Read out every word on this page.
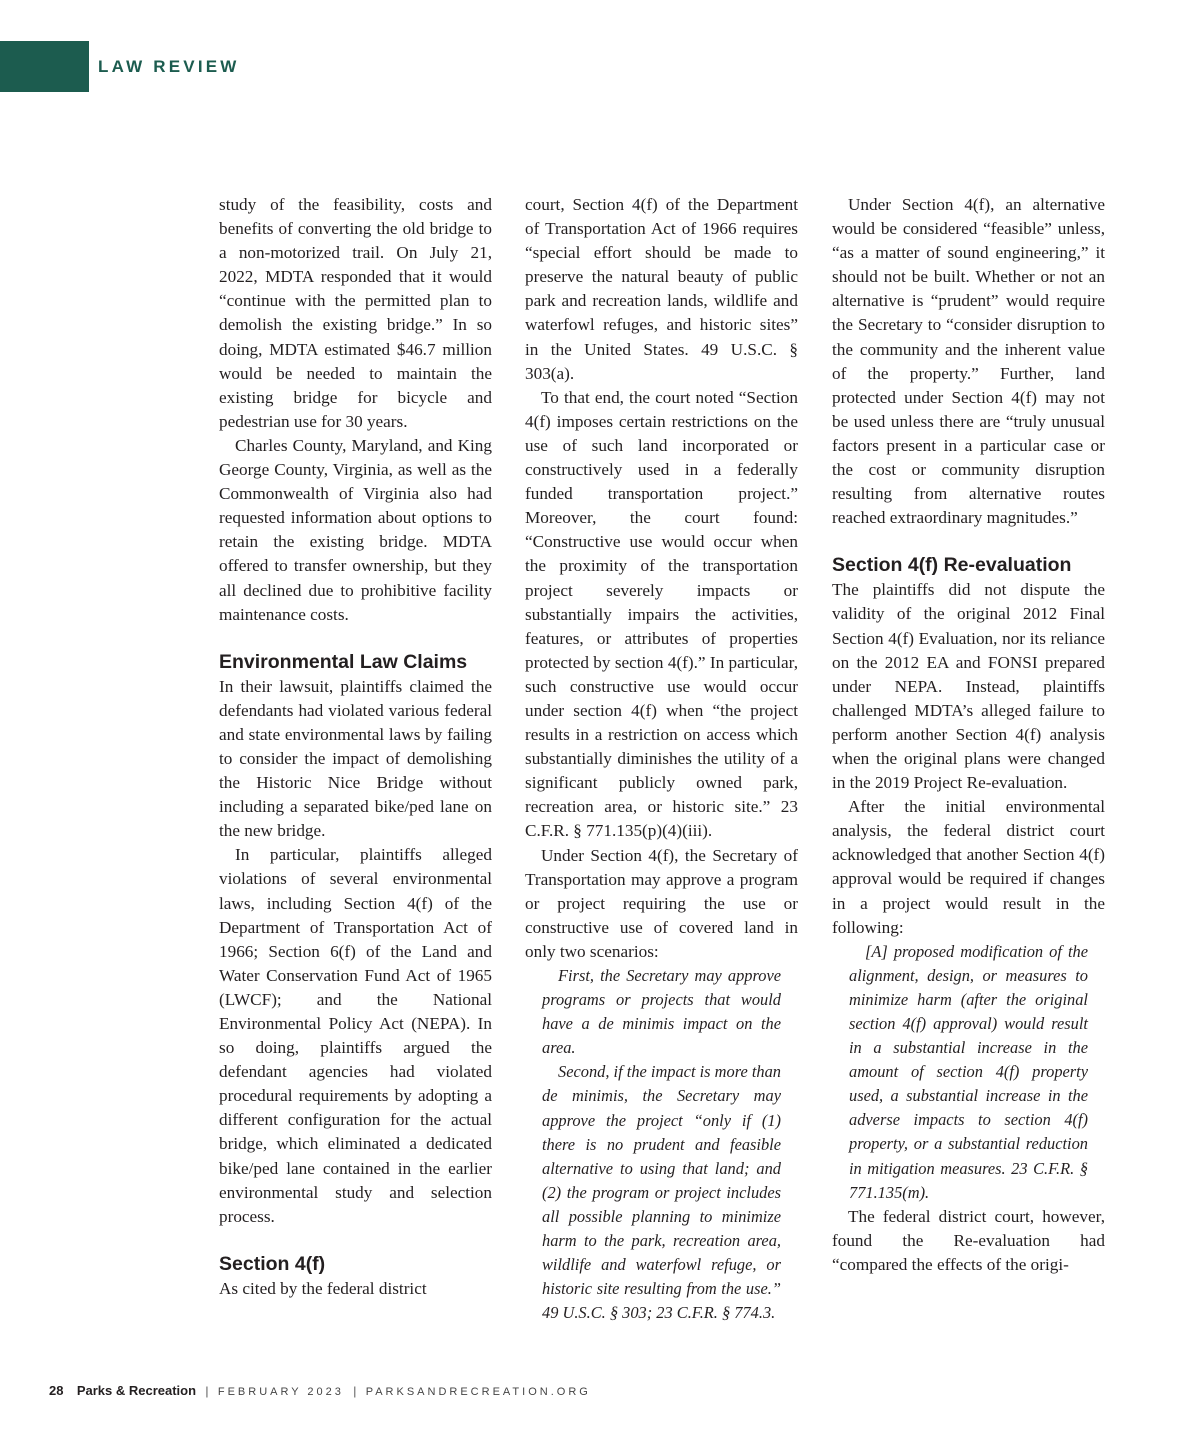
LAW REVIEW

study of the feasibility, costs and benefits of converting the old bridge to a non-motorized trail. On July 21, 2022, MDTA responded that it would “continue with the permitted plan to demolish the existing bridge.” In so doing, MDTA estimated $46.7 million would be needed to maintain the existing bridge for bicycle and pedestrian use for 30 years.

Charles County, Maryland, and King George County, Virginia, as well as the Commonwealth of Virginia also had requested information about options to retain the existing bridge. MDTA offered to transfer ownership, but they all declined due to prohibitive facility maintenance costs.

Environmental Law Claims

In their lawsuit, plaintiffs claimed the defendants had violated various federal and state environmental laws by failing to consider the impact of demolishing the Historic Nice Bridge without including a separated bike/ped lane on the new bridge.

In particular, plaintiffs alleged violations of several environmental laws, including Section 4(f) of the Department of Transportation Act of 1966; Section 6(f) of the Land and Water Conservation Fund Act of 1965 (LWCF); and the National Environmental Policy Act (NEPA). In so doing, plaintiffs argued the defendant agencies had violated procedural requirements by adopting a different configuration for the actual bridge, which eliminated a dedicated bike/ped lane contained in the earlier environmental study and selection process.

Section 4(f)

As cited by the federal district

court, Section 4(f) of the Department of Transportation Act of 1966 requires “special effort should be made to preserve the natural beauty of public park and recreation lands, wildlife and waterfowl refuges, and historic sites” in the United States. 49 U.S.C. § 303(a).

To that end, the court noted “Section 4(f) imposes certain restrictions on the use of such land incorporated or constructively used in a federally funded transportation project.” Moreover, the court found: “Constructive use would occur when the proximity of the transportation project severely impacts or substantially impairs the activities, features, or attributes of properties protected by section 4(f).” In particular, such constructive use would occur under section 4(f) when “the project results in a restriction on access which substantially diminishes the utility of a significant publicly owned park, recreation area, or historic site.” 23 C.F.R. § 771.135(p)(4)(iii).

Under Section 4(f), the Secretary of Transportation may approve a program or project requiring the use or constructive use of covered land in only two scenarios:

First, the Secretary may approve programs or projects that would have a de minimis impact on the area.

Second, if the impact is more than de minimis, the Secretary may approve the project “only if (1) there is no prudent and feasible alternative to using that land; and (2) the program or project includes all possible planning to minimize harm to the park, recreation area, wildlife and waterfowl refuge, or historic site resulting from the use.” 49 U.S.C. § 303; 23 C.F.R. § 774.3.

Under Section 4(f), an alternative would be considered “feasible” unless, “as a matter of sound engineering,” it should not be built. Whether or not an alternative is “prudent” would require the Secretary to “consider disruption to the community and the inherent value of the property.” Further, land protected under Section 4(f) may not be used unless there are “truly unusual factors present in a particular case or the cost or community disruption resulting from alternative routes reached extraordinary magnitudes.”

Section 4(f) Re-evaluation

The plaintiffs did not dispute the validity of the original 2012 Final Section 4(f) Evaluation, nor its reliance on the 2012 EA and FONSI prepared under NEPA. Instead, plaintiffs challenged MDTA’s alleged failure to perform another Section 4(f) analysis when the original plans were changed in the 2019 Project Re-evaluation.

After the initial environmental analysis, the federal district court acknowledged that another Section 4(f) approval would be required if changes in a project would result in the following:

[A] proposed modification of the alignment, design, or measures to minimize harm (after the original section 4(f) approval) would result in a substantial increase in the amount of section 4(f) property used, a substantial increase in the adverse impacts to section 4(f) property, or a substantial reduction in mitigation measures. 23 C.F.R. § 771.135(m).

The federal district court, however, found the Re-evaluation had “compared the effects of the origi-

28 Parks & Recreation | FEBRUARY 2023 | PARKSANDRECREATION.ORG
